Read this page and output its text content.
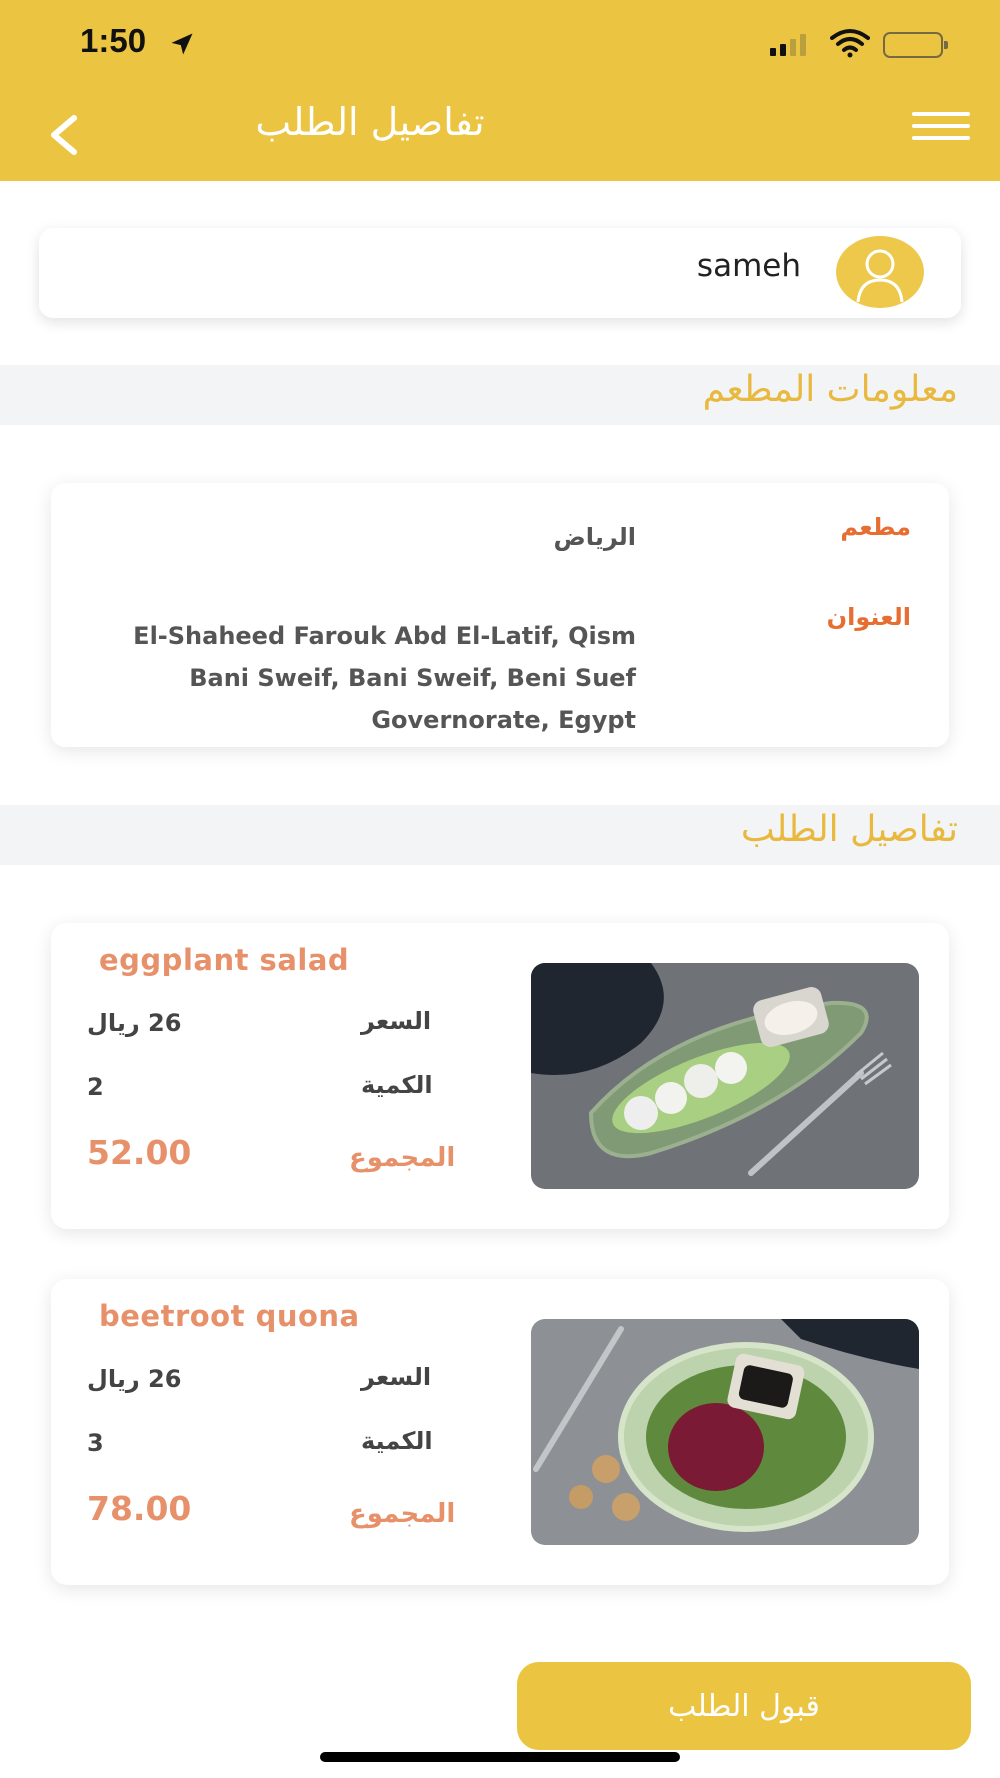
1:50
تفاصيل الطلب
sameh
معلومات المطعم
مطعم
الرياض
العنوان
El-Shaheed Farouk Abd El-Latif, Qism Bani Sweif, Bani Sweif, Beni Suef Governorate, Egypt
تفاصيل الطلب
eggplant salad
السعر
26 ريال
الكمية
2
المجموع
52.00
beetroot quona
السعر
26 ريال
الكمية
3
المجموع
78.00
قبول الطلب
